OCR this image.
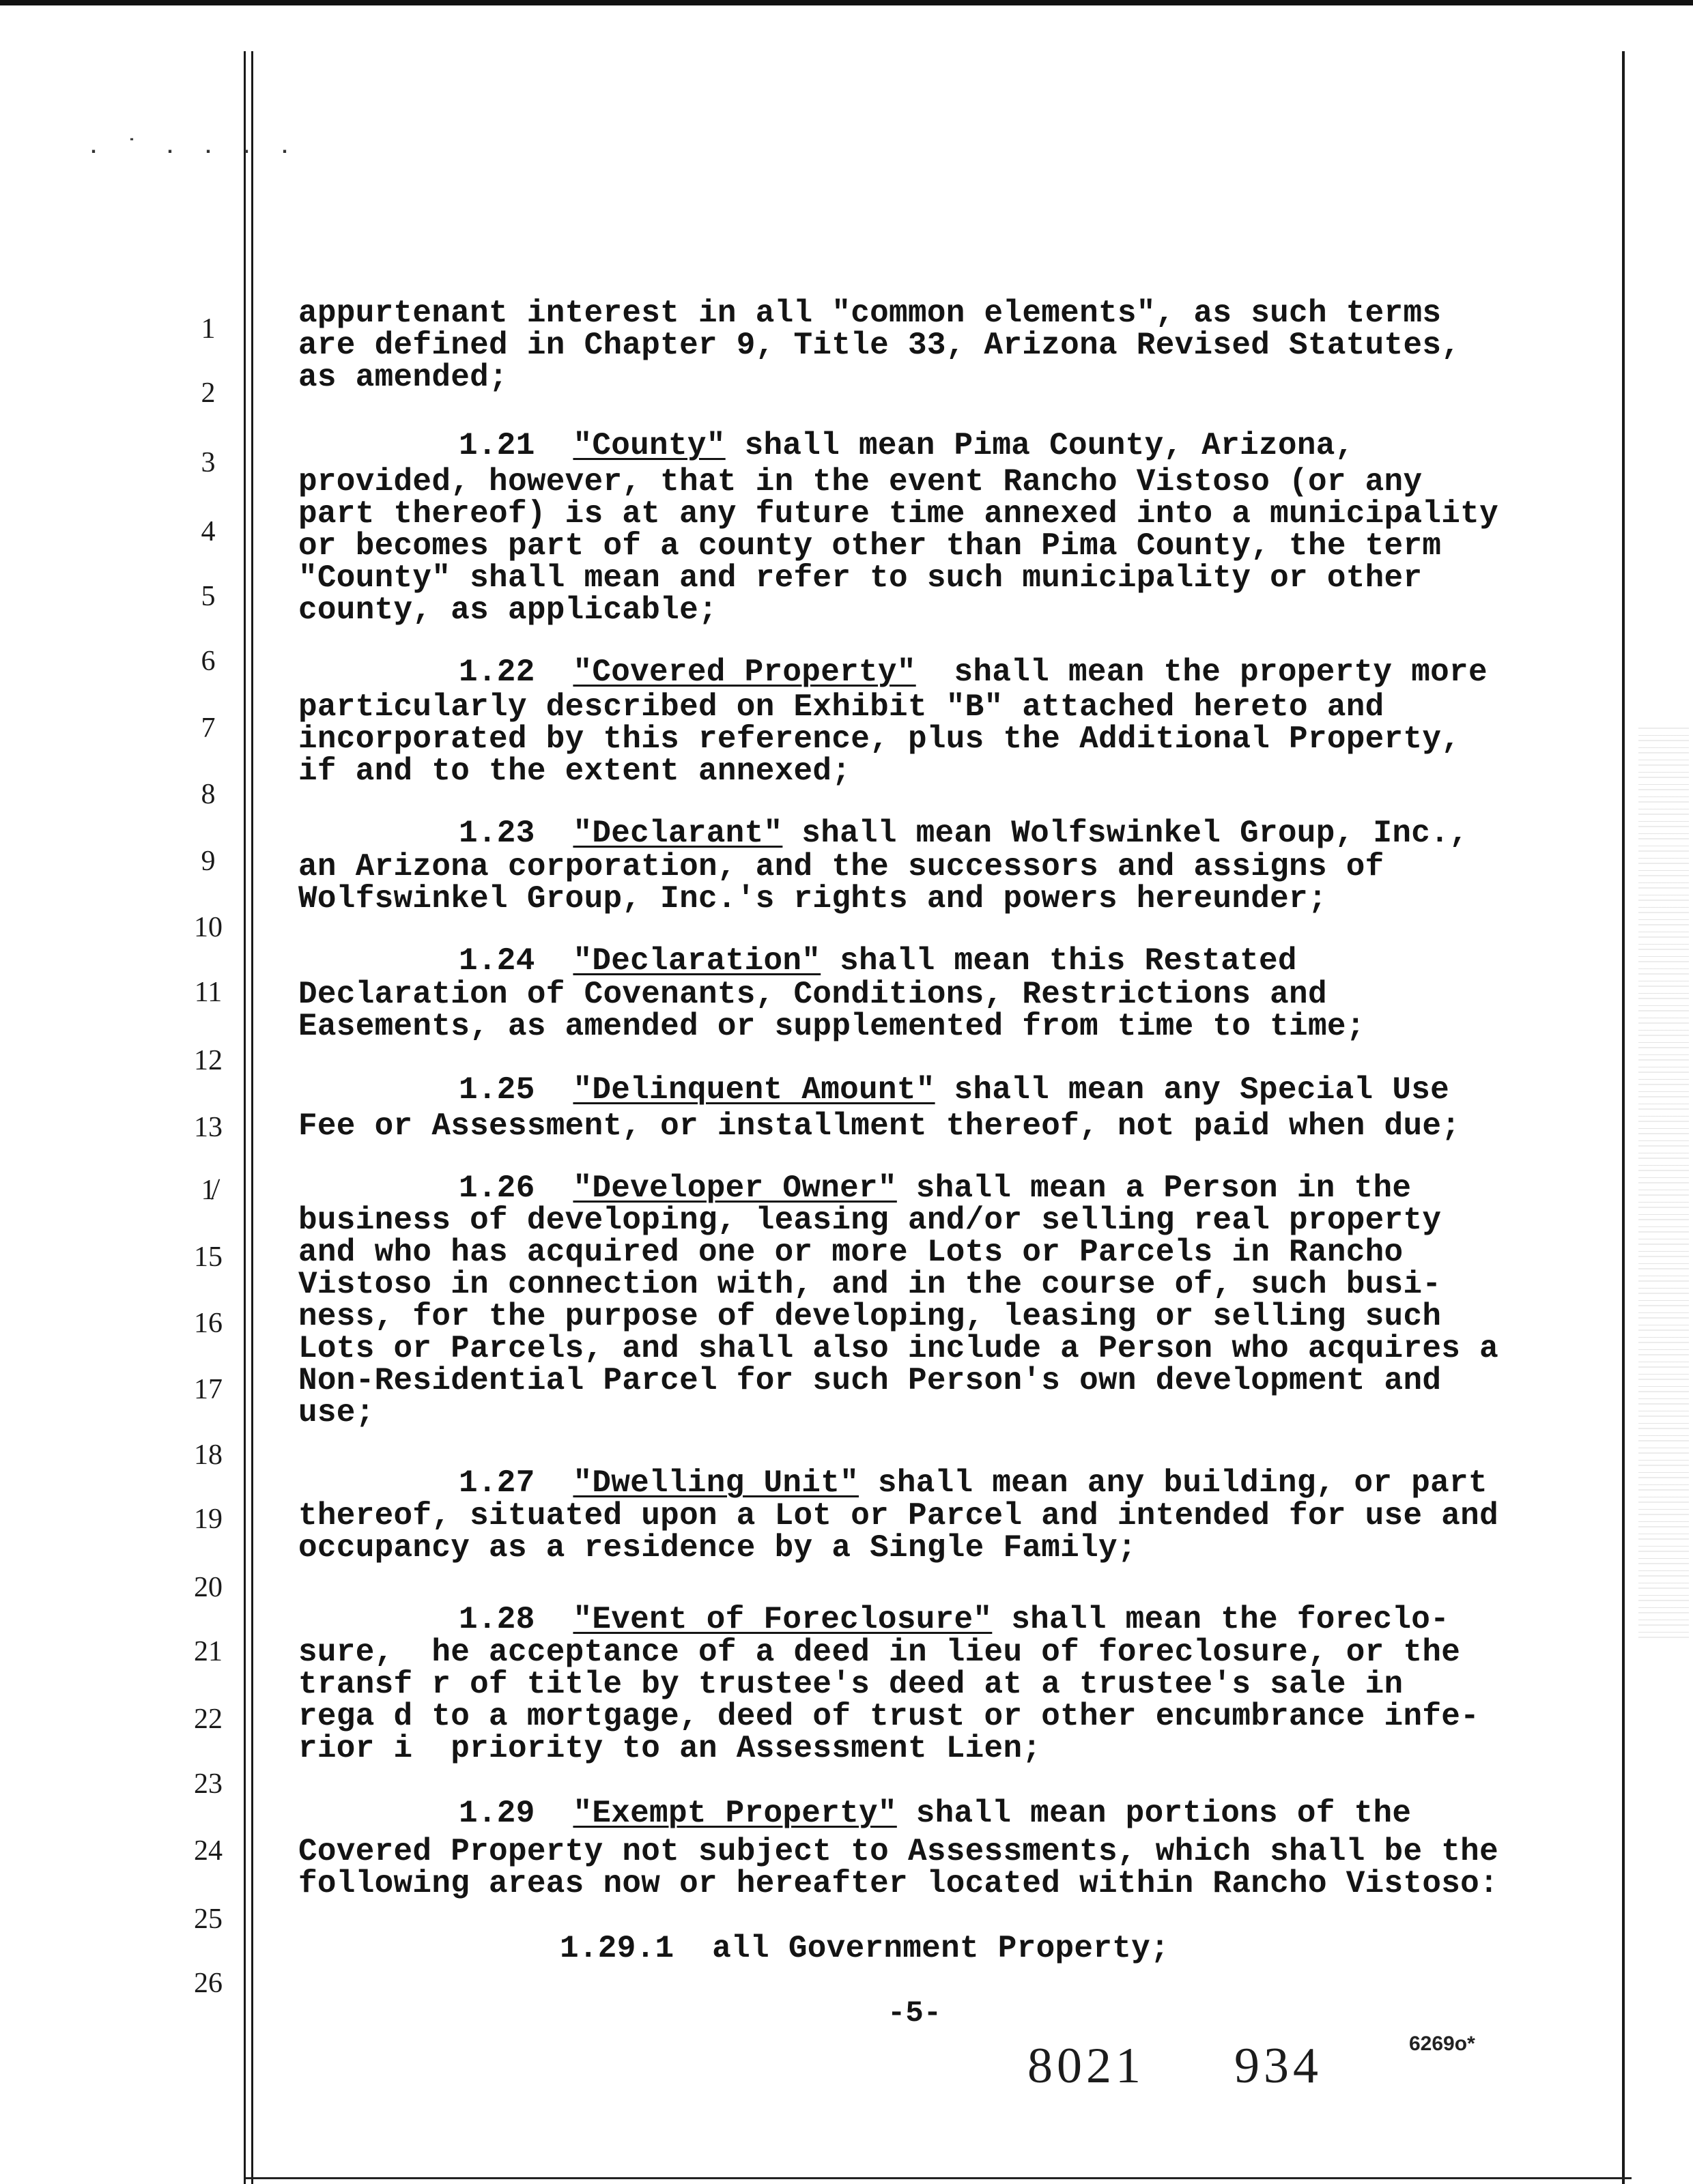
. ˙ . . . .
1
2
3
4
5
6
7
8
9
10
11
12
13
1̸
15
16
17
18
19
20
21
22
23
24
25
26
appurtenant interest in all "common elements", as such terms
are defined in Chapter 9, Title 33, Arizona Revised Statutes,
as amended;
1.21 "County" shall mean Pima County, Arizona,
provided, however, that in the event Rancho Vistoso (or any
part thereof) is at any future time annexed into a municipality
or becomes part of a county other than Pima County, the term
"County" shall mean and refer to such municipality or other
county, as applicable;
1.22 "Covered Property"  shall mean the property more
particularly described on Exhibit "B" attached hereto and
incorporated by this reference, plus the Additional Property,
if and to the extent annexed;
1.23 "Declarant" shall mean Wolfswinkel Group, Inc.,
an Arizona corporation, and the successors and assigns of
Wolfswinkel Group, Inc.'s rights and powers hereunder;
1.24 "Declaration" shall mean this Restated
Declaration of Covenants, Conditions, Restrictions and
Easements, as amended or supplemented from time to time;
1.25 "Delinquent Amount" shall mean any Special Use
Fee or Assessment, or installment thereof, not paid when due;
1.26 "Developer Owner" shall mean a Person in the
business of developing, leasing and/or selling real property
and who has acquired one or more Lots or Parcels in Rancho
Vistoso in connection with, and in the course of, such busi-
ness, for the purpose of developing, leasing or selling such
Lots or Parcels, and shall also include a Person who acquires a
Non-Residential Parcel for such Person's own development and
use;
1.27 "Dwelling Unit" shall mean any building, or part
thereof, situated upon a Lot or Parcel and intended for use and
occupancy as a residence by a Single Family;
1.28 "Event of Foreclosure" shall mean the foreclo-
sure,  he acceptance of a deed in lieu of foreclosure, or the
transf r of title by trustee's deed at a trustee's sale in
rega d to a mortgage, deed of trust or other encumbrance infe-
rior i  priority to an Assessment Lien;
1.29 "Exempt Property" shall mean portions of the
Covered Property not subject to Assessments, which shall be the
following areas now or hereafter located within Rancho Vistoso:
1.29.1  all Government Property;
-5-
8021 934	6269o*
